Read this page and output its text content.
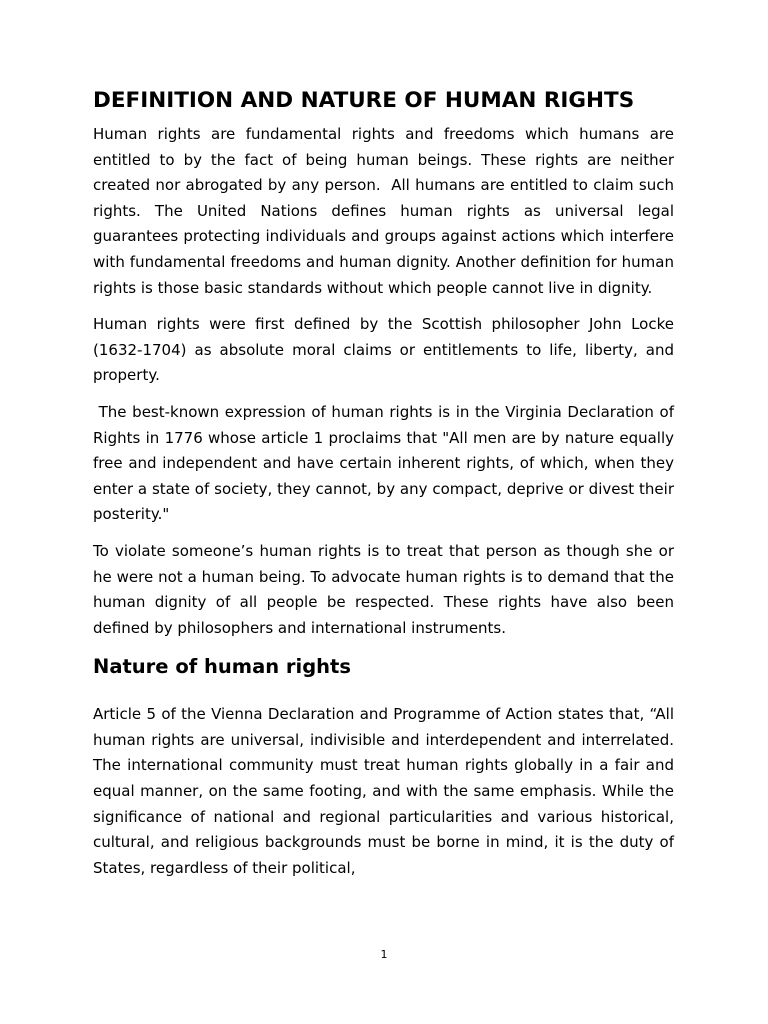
DEFINITION AND NATURE OF HUMAN RIGHTS

Human rights are fundamental rights and freedoms which humans are entitled to by the fact of being human beings. These rights are neither created nor abrogated by any person.  All humans are entitled to claim such rights. The United Nations defines human rights as universal legal guarantees protecting individuals and groups against actions which interfere with fundamental freedoms and human dignity. Another definition for human rights is those basic standards without which people cannot live in dignity.

Human rights were first defined by the Scottish philosopher John Locke (1632-1704) as absolute moral claims or entitlements to life, liberty, and property.

The best-known expression of human rights is in the Virginia Declaration of Rights in 1776 whose article 1 proclaims that "All men are by nature equally free and independent and have certain inherent rights, of which, when they enter a state of society, they cannot, by any compact, deprive or divest their posterity."

To violate someone’s human rights is to treat that person as though she or he were not a human being. To advocate human rights is to demand that the human dignity of all people be respected. These rights have also been defined by philosophers and international instruments.

Nature of human rights

Article 5 of the Vienna Declaration and Programme of Action states that, “All human rights are universal, indivisible and interdependent and interrelated. The international community must treat human rights globally in a fair and equal manner, on the same footing, and with the same emphasis. While the significance of national and regional particularities and various historical, cultural, and religious backgrounds must be borne in mind, it is the duty of States, regardless of their political,

1
